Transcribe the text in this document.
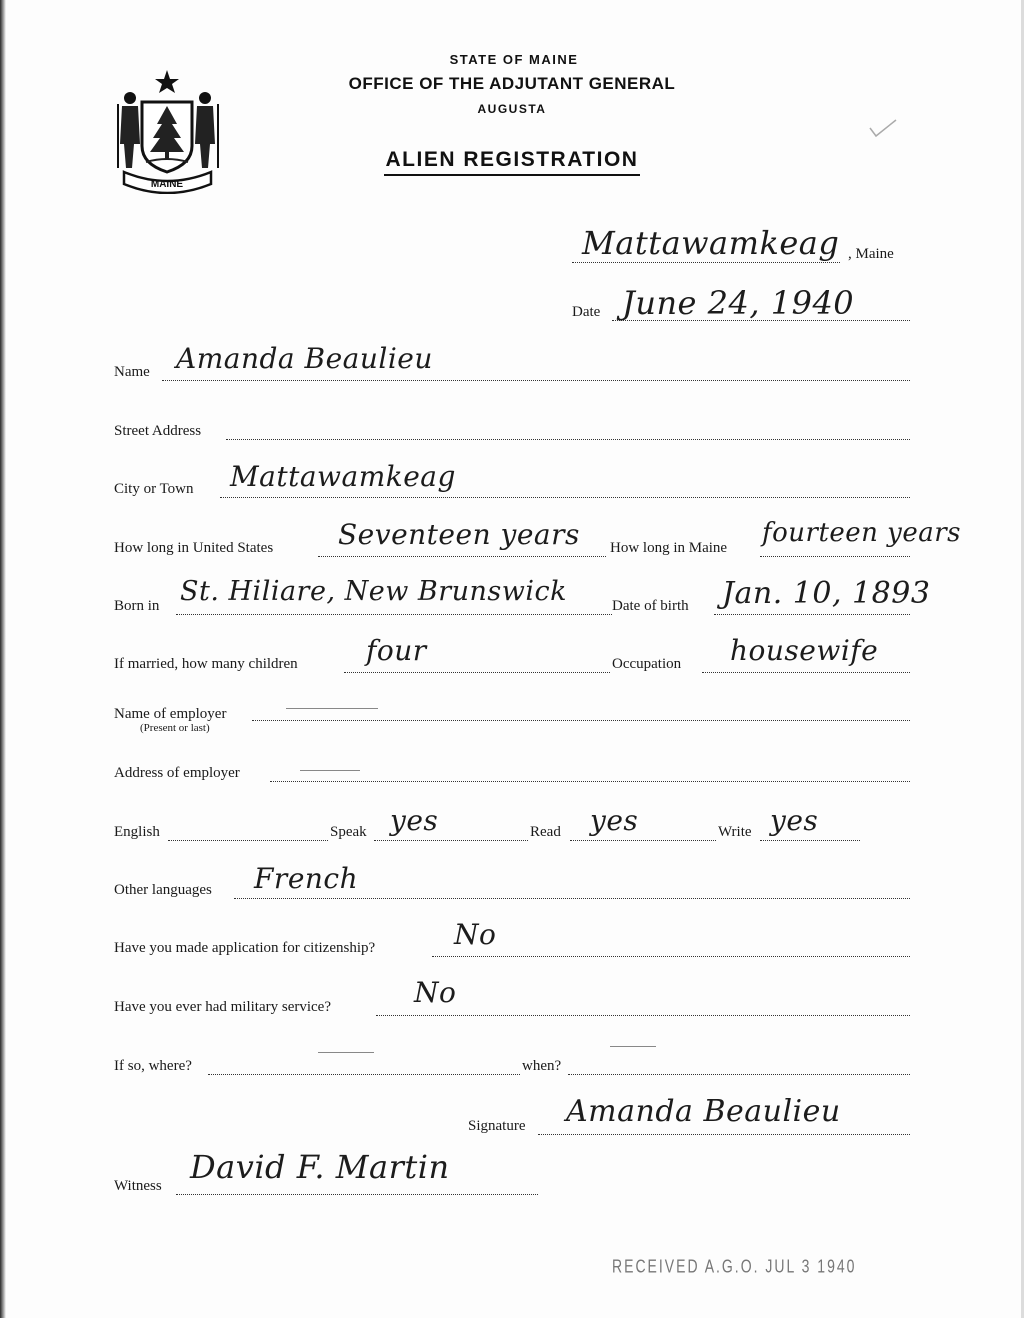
MAINE
STATE OF MAINE
OFFICE OF THE ADJUTANT GENERAL
AUGUSTA
ALIEN REGISTRATION
Mattawamkeag , Maine
Date June 24, 1940
Name Amanda Beaulieu
Street Address
City or Town Mattawamkeag
How long in United States Seventeen years How long in Maine fourteen years
Born in St. Hiliare, New Brunswick	Date of birth Jan. 10, 1893
If married, how many children four	Occupation housewife
Name of employer
(Present or last)
Address of employer
English	Speak yes	Read yes	Write yes
Other languages French
Have you made application for citizenship?	No
Have you ever had military service?	No
If so, where?	when?
Signature Amanda Beaulieu
Witness David F. Martin
RECEIVED A.G.O. JUL 3 1940
